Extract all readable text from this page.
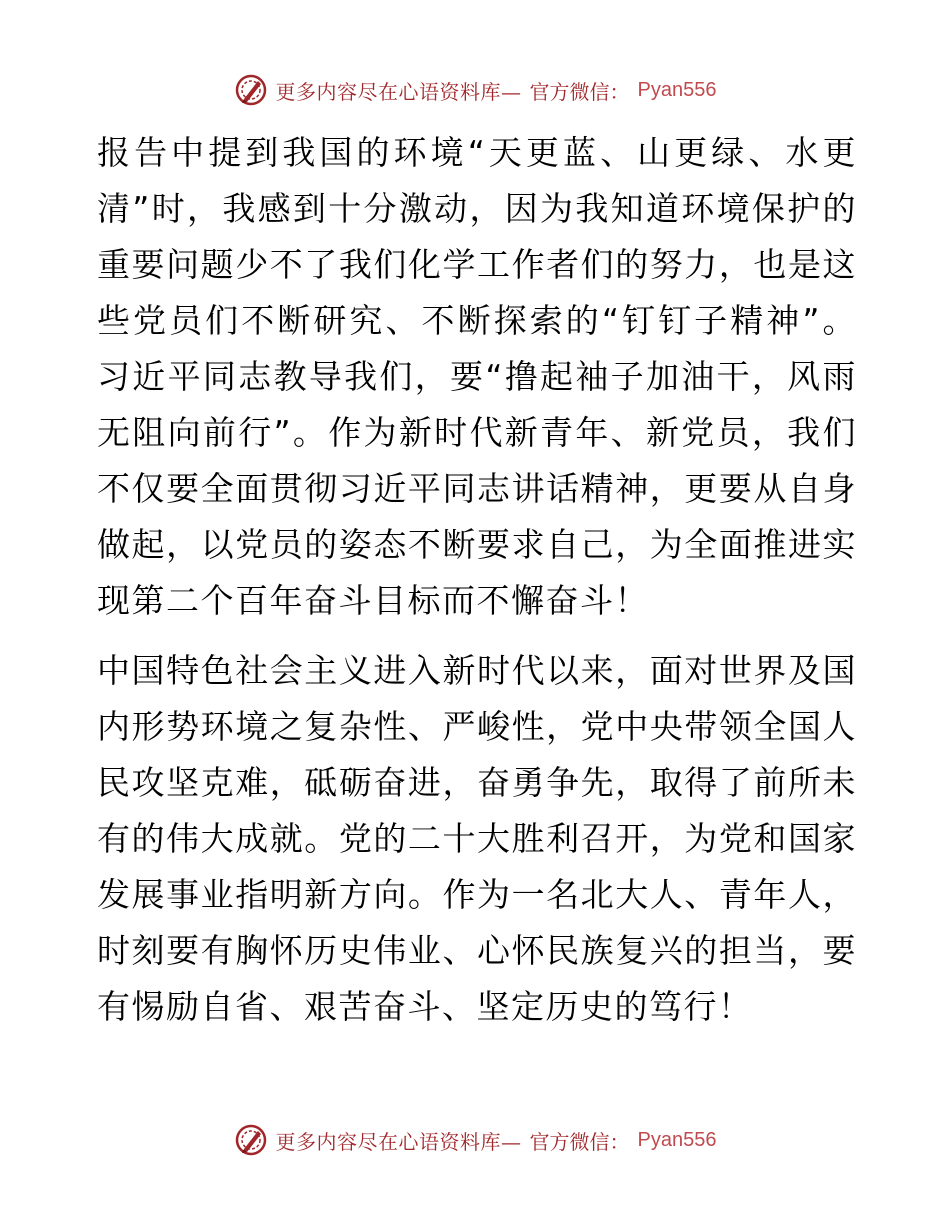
更多内容尽在心语资料库— 官方微信： Pyan556

报告中提到我国的环境“天更蓝、山更绿、水更清”时，我感到十分激动，因为我知道环境保护的重要问题少不了我们化学工作者们的努力，也是这些党员们不断研究、不断探索的“钉钉子精神”。习近平同志教导我们，要“撸起袖子加油干，风雨无阻向前行”。作为新时代新青年、新党员，我们不仅要全面贯彻习近平同志讲话精神，更要从自身做起，以党员的姿态不断要求自己，为全面推进实现第二个百年奋斗目标而不懈奋斗！

中国特色社会主义进入新时代以来，面对世界及国内形势环境之复杂性、严峻性，党中央带领全国人民攻坚克难，砥砺奋进，奋勇争先，取得了前所未有的伟大成就。党的二十大胜利召开，为党和国家发展事业指明新方向。作为一名北大人、青年人，时刻要有胸怀历史伟业、心怀民族复兴的担当，要有惕励自省、艰苦奋斗、坚定历史的笃行！

更多内容尽在心语资料库— 官方微信： Pyan556
